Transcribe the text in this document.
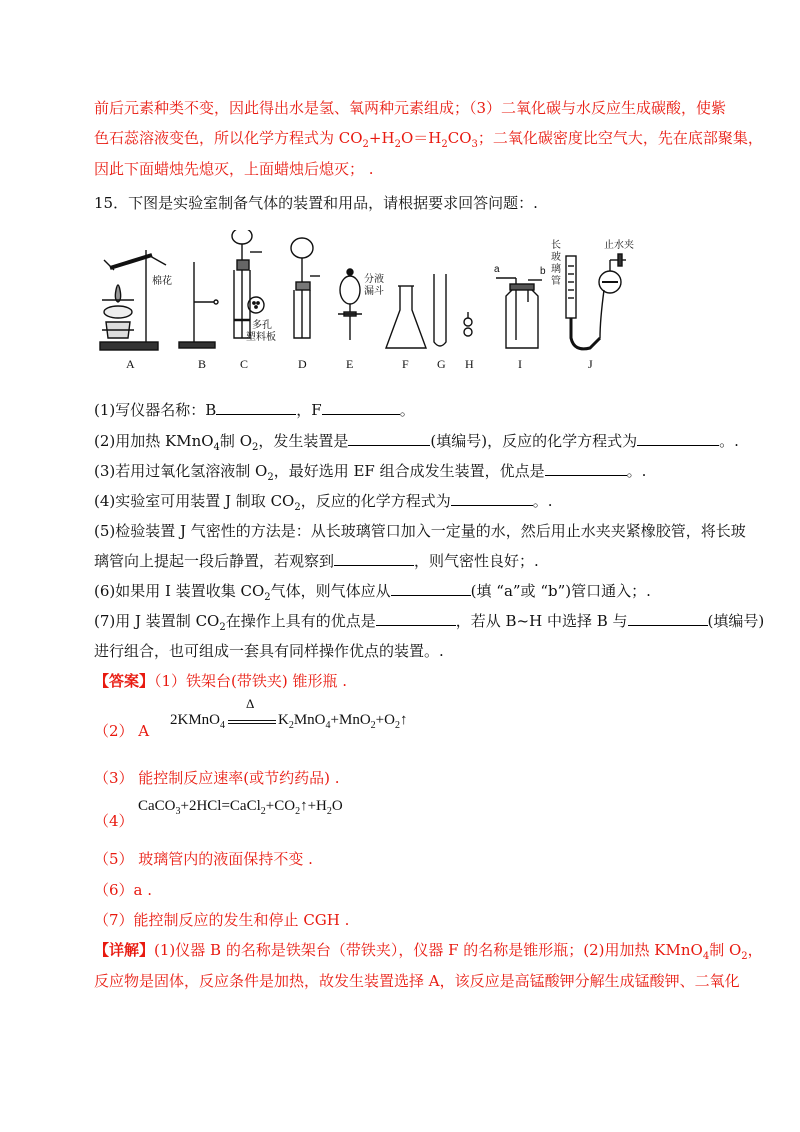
前后元素种类不变，因此得出水是氢、氧两种元素组成；（3）二氧化碳与水反应生成碳酸，使紫
色石蕊溶液变色，所以化学方程式为 $CO_2+H_2O=H_2CO_3$；二氧化碳密度比空气大，先在底部聚集，
因此下面蜡烛先熄灭，上面蜡烛后熄灭； .
15．下图是实验室制备气体的装置和用品，请根据要求回答问题：.
棉花
多孔
塑料板
分液
漏斗
a	b
长
玻
璃
管
止水夹
A	B	C	D	E	F G H	I	J
(1)写仪器名称：B	，F	。
(2)用加热 KMnO$_4$制 $O_2$，发生装置是	(填编号)，反应的化学方程式为	。.
(3)若用过氧化氢溶液制 $O_2$，最好选用 EF 组合成发生装置，优点是	。.
(4)实验室可用装置 J 制取 $CO_2$，反应的化学方程式为	。.
(5)检验装置 J 气密性的方法是：从长玻璃管口加入一定量的水，然后用止水夹夹紧橡胶管，将长玻
璃管向上提起一段后静置，若观察到	，则气密性良好；.
(6)如果用 I 装置收集 $CO_2$气体，则气体应从	(填 “a”或 “b”)管口通入；.
(7)用 J 装置制 $CO_2$在操作上具有的优点是	，若从 B~H 中选择 B 与	(填编号)
进行组合，也可组成一套具有同样操作优点的装置。.
【答案】（1）铁架台(带铁夹) 锥形瓶 .
（2） A
2KMnO$_4$
Δ
$K_2MnO_4+MnO_2+O_2↑$
（3） 能控制反应速率(或节约药品) .
（4）
$CaCO_3+2HCl=CaCl_2+CO_2↑+H_2O$
（5） 玻璃管内的液面保持不变 .
（6）a .
（7）能控制反应的发生和停止 CGH .
【详解】(1)仪器 B 的名称是铁架台（带铁夹），仪器 F 的名称是锥形瓶；(2)用加热 KMnO$_4$制 $O_2$，
反应物是固体，反应条件是加热，故发生装置选择 A，该反应是高锰酸钾分解生成锰酸钾、二氧化
